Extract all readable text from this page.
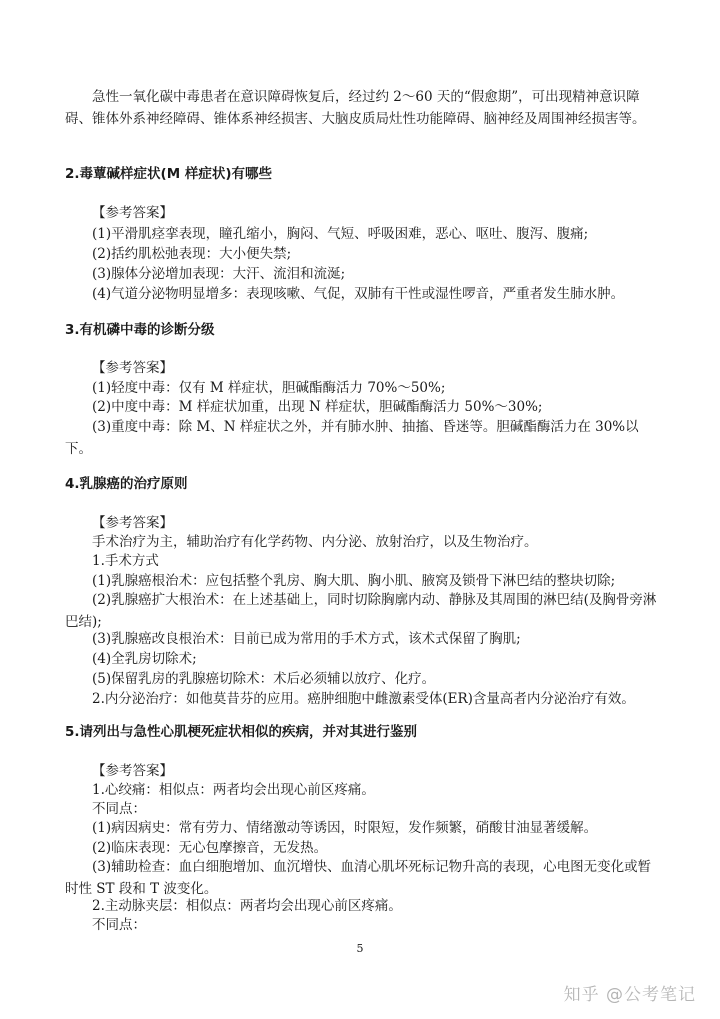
急性一氧化碳中毒患者在意识障碍恢复后，经过约 2～60 天的“假愈期”，可出现精神意识障碍、锥体外系神经障碍、锥体系神经损害、大脑皮质局灶性功能障碍、脑神经及周围神经损害等。

2.毒蕈碱样症状(M 样症状)有哪些

【参考答案】

(1)平滑肌痉挛表现，瞳孔缩小，胸闷、气短、呼吸困难，恶心、呕吐、腹泻、腹痛;

(2)括约肌松弛表现：大小便失禁;

(3)腺体分泌增加表现：大汗、流泪和流涎;

(4)气道分泌物明显增多：表现咳嗽、气促，双肺有干性或湿性啰音，严重者发生肺水肿。

3.有机磷中毒的诊断分级

【参考答案】

(1)轻度中毒：仅有 M 样症状，胆碱酯酶活力 70%～50%;

(2)中度中毒：M 样症状加重，出现 N 样症状，胆碱酯酶活力 50%～30%;

(3)重度中毒：除 M、N 样症状之外，并有肺水肿、抽搐、昏迷等。胆碱酯酶活力在 30%以下。

4.乳腺癌的治疗原则

【参考答案】

手术治疗为主，辅助治疗有化学药物、内分泌、放射治疗，以及生物治疗。

1.手术方式

(1)乳腺癌根治术：应包括整个乳房、胸大肌、胸小肌、腋窝及锁骨下淋巴结的整块切除;

(2)乳腺癌扩大根治术：在上述基础上，同时切除胸廓内动、静脉及其周围的淋巴结(及胸骨旁淋巴结);

(3)乳腺癌改良根治术：目前已成为常用的手术方式，该术式保留了胸肌;

(4)全乳房切除术;

(5)保留乳房的乳腺癌切除术：术后必须辅以放疗、化疗。

2.内分泌治疗：如他莫昔芬的应用。癌肿细胞中雌激素受体(ER)含量高者内分泌治疗有效。

5.请列出与急性心肌梗死症状相似的疾病，并对其进行鉴别

【参考答案】

1.心绞痛：相似点：两者均会出现心前区疼痛。

不同点：

(1)病因病史：常有劳力、情绪激动等诱因，时限短，发作频繁，硝酸甘油显著缓解。

(2)临床表现：无心包摩擦音，无发热。

(3)辅助检查：血白细胞增加、血沉增快、血清心肌坏死标记物升高的表现，心电图无变化或暂时性 ST 段和 T 波变化。

2.主动脉夹层：相似点：两者均会出现心前区疼痛。

不同点：

5
知乎 @公考笔记
